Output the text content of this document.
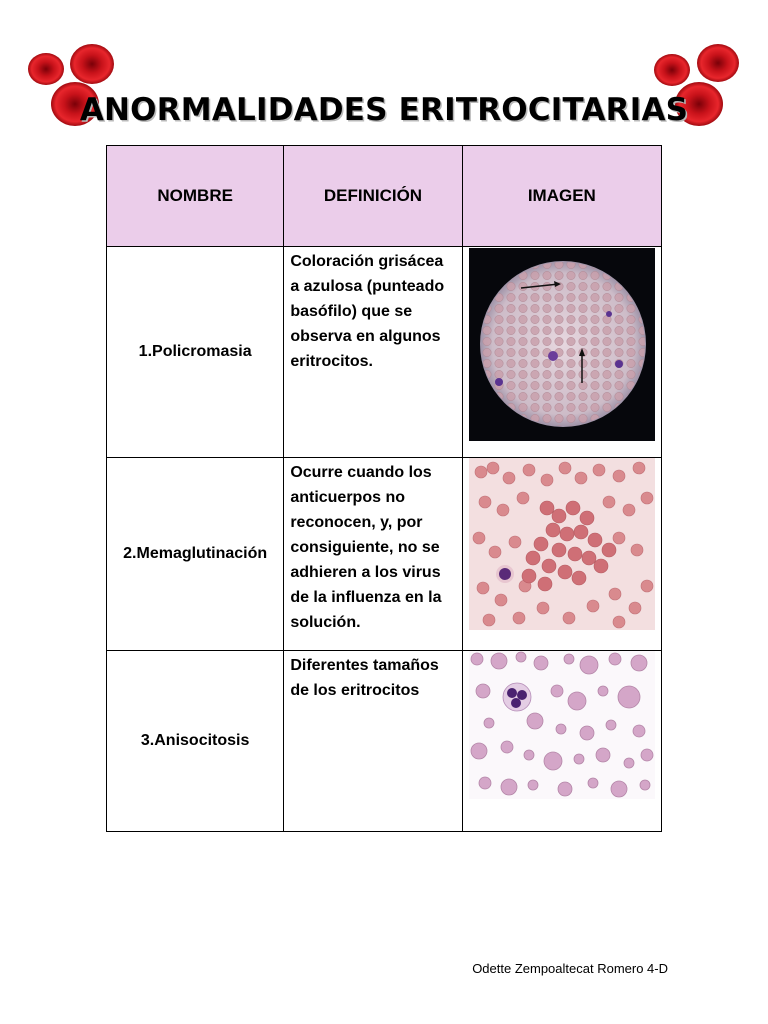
ANORMALIDADES ERITROCITARIAS
NOMBRE	DEFINICIÓN	IMAGEN
1.Policromasia	Coloración grisácea a azulosa (punteado basófilo) que se observa en algunos eritrocitos.	

2.Memaglutinación	Ocurre cuando los anticuerpos no reconocen, y, por consiguiente, no se adhieren a los virus de la influenza en la solución.	

3.Anisocitosis	Diferentes tamaños de los eritrocitos	
Odette Zempoaltecat Romero 4-D
